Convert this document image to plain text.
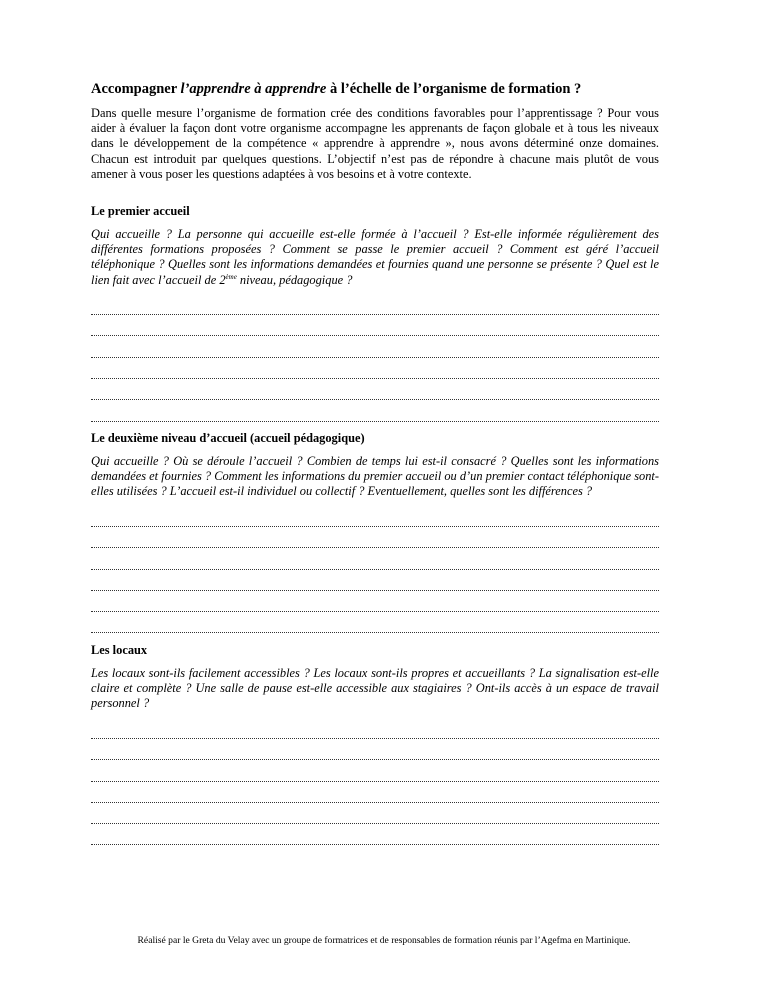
Accompagner l’apprendre à apprendre à l’échelle de l’organisme de formation ?

Dans quelle mesure l’organisme de formation crée des conditions favorables pour l’apprentissage ? Pour vous aider à évaluer la façon dont votre organisme accompagne les apprenants de façon globale et à tous les niveaux dans le développement de la compétence « apprendre à apprendre », nous avons déterminé onze domaines. Chacun est introduit par quelques questions. L’objectif n’est pas de répondre à chacune mais plutôt de vous amener à vous poser les questions adaptées à vos besoins et à votre contexte.

Le premier accueil

Qui accueille ? La personne qui accueille est-elle formée à l’accueil ? Est-elle informée régulièrement des différentes formations proposées ? Comment se passe le premier accueil ? Comment est géré l’accueil téléphonique ? Quelles sont les informations demandées et fournies quand une personne se présente ? Quel est le lien fait avec l’accueil de 2ème niveau, pédagogique ?

Le deuxième niveau d’accueil (accueil pédagogique)

Qui accueille ? Où se déroule l’accueil ? Combien de temps lui est-il consacré ? Quelles sont les informations demandées et fournies ? Comment les informations du premier accueil ou d’un premier contact téléphonique sont-elles utilisées ? L’accueil est-il individuel ou collectif ? Eventuellement, quelles sont les différences ?

Les locaux

Les locaux sont-ils facilement accessibles ? Les locaux sont-ils propres et accueillants ? La signalisation est-elle claire et complète ? Une salle de pause est-elle accessible aux stagiaires ? Ont-ils accès à un espace de travail personnel ?

Réalisé par le Greta du Velay avec un groupe de formatrices et de responsables de formation réunis par l’Agefma en Martinique.
